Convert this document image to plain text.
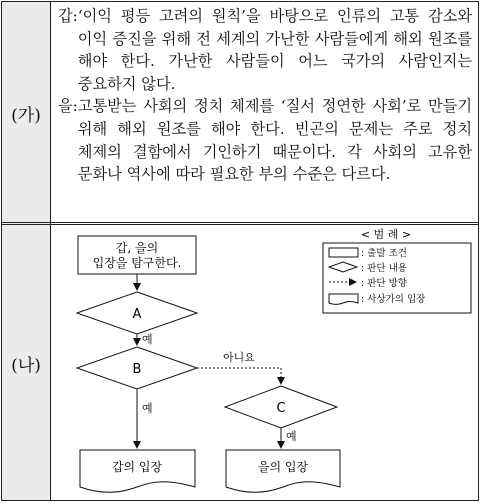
(가)
갑: ‘이익 평등 고려의 원칙’을 바탕으로 인류의 고통 감소와 이익 증진을 위해 전 세계의 가난한 사람들에게 해외 원조를 해야 한다. 가난한 사람들이 어느 국가의 사람인지는 중요하지 않다.
을: 고통받는 사회의 정치 체제를 ‘질서 정연한 사회’로 만들기 위해 해외 원조를 해야 한다. 빈곤의 문제는 주로 정치 체제의 결함에서 기인하기 때문이다. 각 사회의 고유한 문화나 역사에 따라 필요한 부의 수준은 다르다.
(나)
갑, 을의
입장을 탐구한다.
A
예
B
예
아니요
C
예
갑의 입장	을의 입장
< 범 례 >
: 출발 조건
: 판단 내용
: 판단 방향
: 사상가의 입장
